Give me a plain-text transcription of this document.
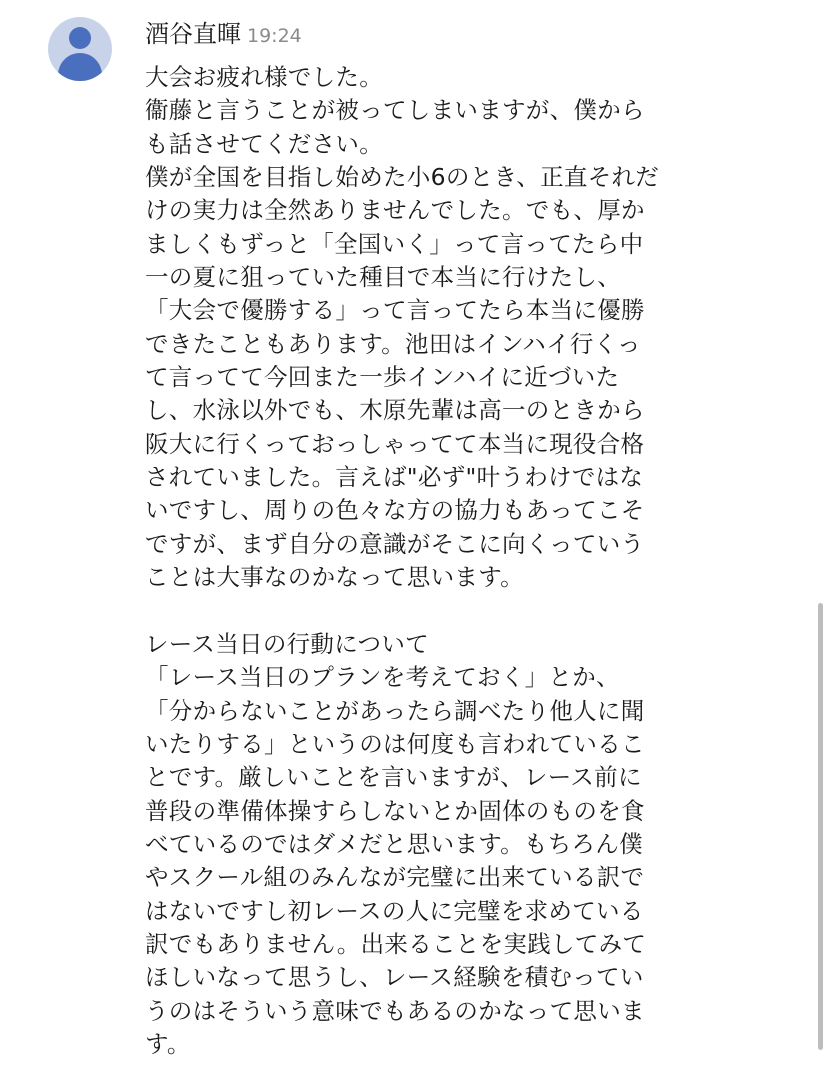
酒谷直暉 19:24
大会お疲れ様でした。
衞藤と言うことが被ってしまいますが、僕から
も話させてください。
僕が全国を目指し始めた小6のとき、正直それだ
けの実力は全然ありませんでした。でも、厚か
ましくもずっと「全国いく」って言ってたら中
一の夏に狙っていた種目で本当に行けたし、
「大会で優勝する」って言ってたら本当に優勝
できたこともあります。池田はインハイ行くっ
て言ってて今回また一歩インハイに近づいた
し、水泳以外でも、木原先輩は高一のときから
阪大に行くっておっしゃってて本当に現役合格
されていました。言えば"必ず"叶うわけではな
いですし、周りの色々な方の協力もあってこそ
ですが、まず自分の意識がそこに向くっていう
ことは大事なのかなって思います。

レース当日の行動について
「レース当日のプランを考えておく」とか、
「分からないことがあったら調べたり他人に聞
いたりする」というのは何度も言われているこ
とです。厳しいことを言いますが、レース前に
普段の準備体操すらしないとか固体のものを食
べているのではダメだと思います。もちろん僕
やスクール組のみんなが完璧に出来ている訳で
はないですし初レースの人に完璧を求めている
訳でもありません。出来ることを実践してみて
ほしいなって思うし、レース経験を積むってい
うのはそういう意味でもあるのかなって思いま
す。
